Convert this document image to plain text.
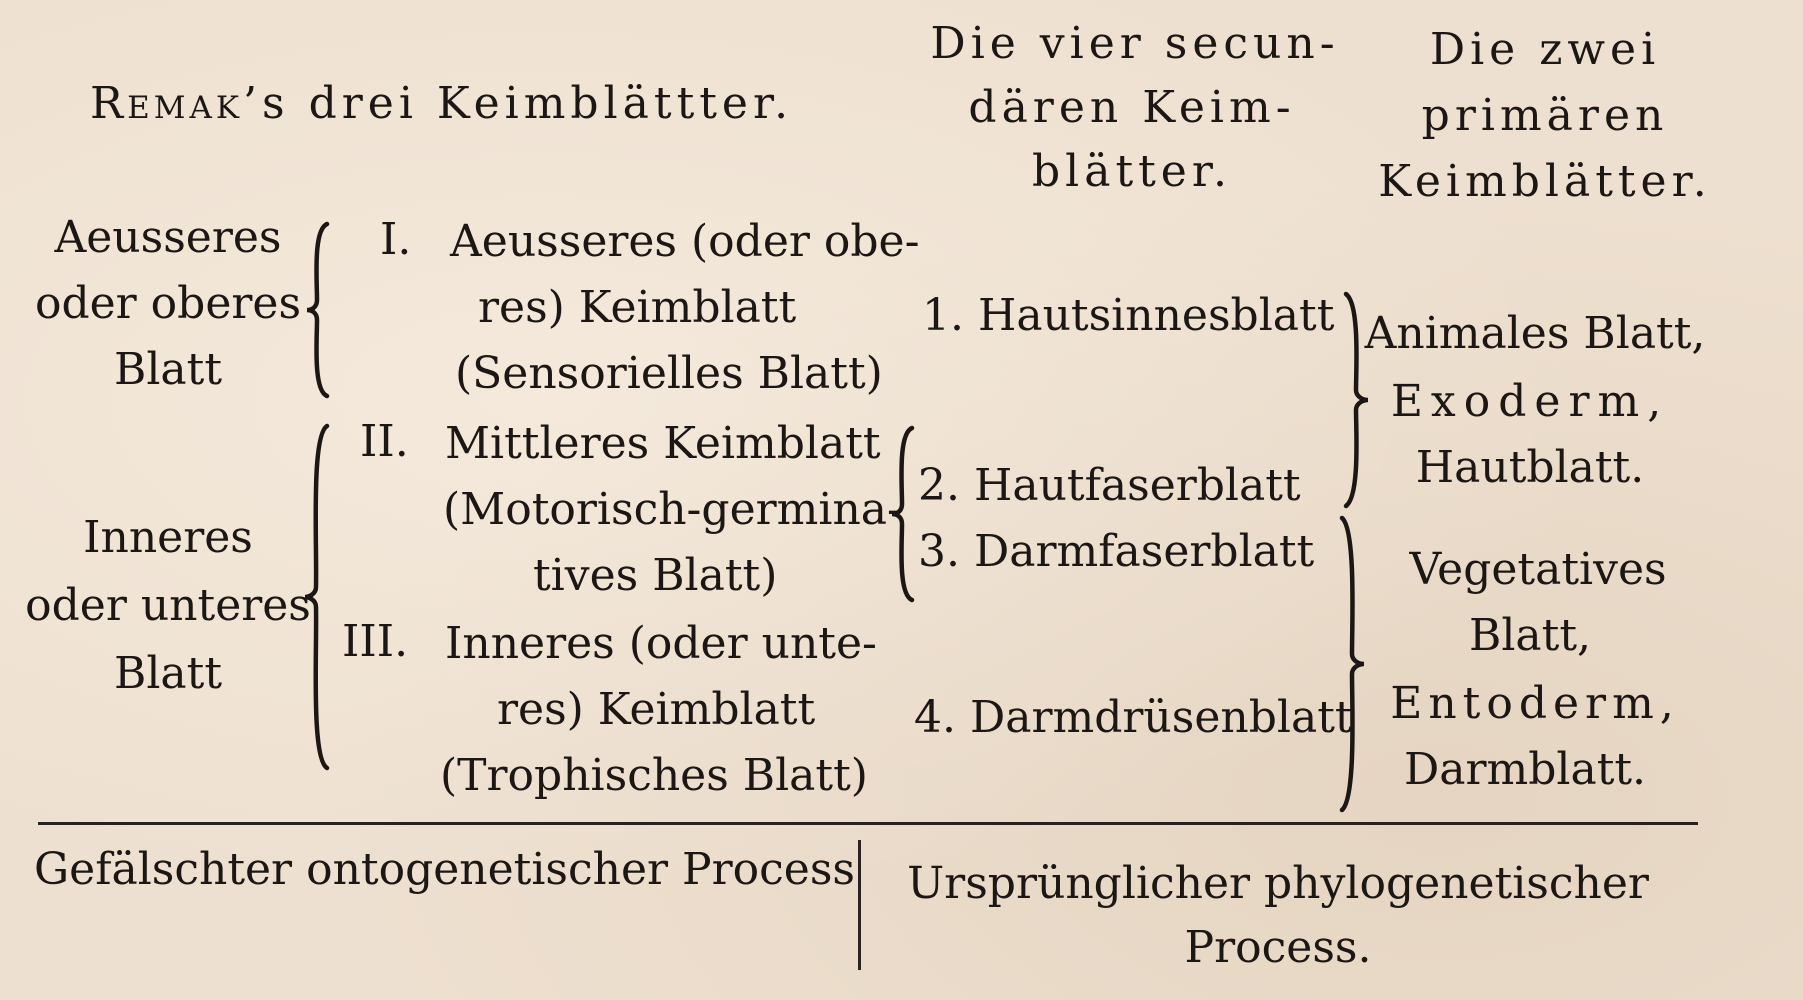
Remak’s drei Keimblättter.
Die vier secun-
dären Keim-
blätter.
Die zwei
primären
Keimblätter.
Aeusseres
oder oberes
Blatt
Inneres
oder unteres
Blatt
I. Aeusseres (oder obe-
res) Keimblatt
(Sensorielles Blatt)
II. Mittleres Keimblatt
(Motorisch-germina-
tives Blatt)
III. Inneres (oder unte-
res) Keimblatt
(Trophisches Blatt)
1. Hautsinnesblatt
2. Hautfaserblatt
3. Darmfaserblatt
4. Darmdrüsenblatt
Animales Blatt,
Exoderm,
Hautblatt.
Vegetatives
Blatt,
Entoderm,
Darmblatt.
Gefälschter ontogenetischer Process Ursprünglicher phylogenetischer
Process.
